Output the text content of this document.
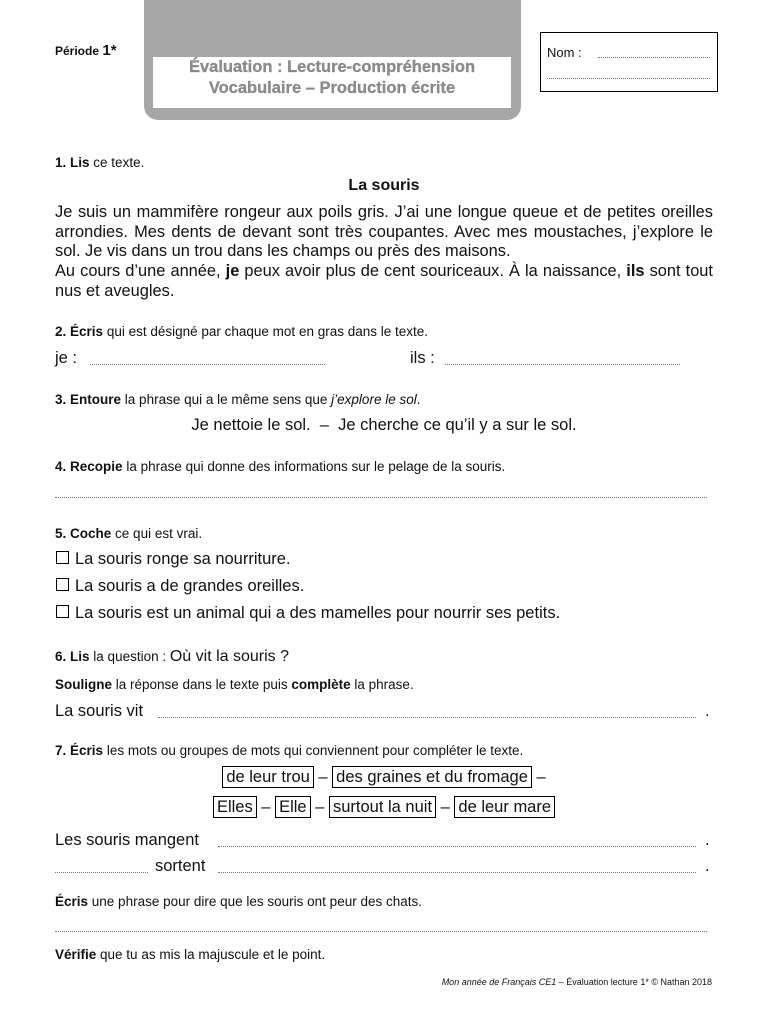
Période 1*
Évaluation : Lecture-compréhension
Vocabulaire – Production écrite
Nom :
1. Lis ce texte.
La souris
Je suis un mammifère rongeur aux poils gris. J’ai une longue queue et de petites oreilles arrondies. Mes dents de devant sont très coupantes. Avec mes moustaches, j’explore le sol. Je vis dans un trou dans les champs ou près des maisons.
Au cours d’une année, je peux avoir plus de cent souriceaux. À la naissance, ils sont tout nus et aveugles.
2. Écris qui est désigné par chaque mot en gras dans le texte.
je :	ils :
3. Entoure la phrase qui a le même sens que j’explore le sol.
Je nettoie le sol.  –  Je cherche ce qu’il y a sur le sol.
4. Recopie la phrase qui donne des informations sur le pelage de la souris.
5. Coche ce qui est vrai.
La souris ronge sa nourriture.
La souris a de grandes oreilles.
La souris est un animal qui a des mamelles pour nourrir ses petits.
6. Lis la question : Où vit la souris ?
Souligne la réponse dans le texte puis complète la phrase.
La souris vit	.
7. Écris les mots ou groupes de mots qui conviennent pour compléter le texte.
de leur trou – des graines et du fromage –
Elles – Elle – surtout la nuit – de leur mare
Les souris mangent	.
sortent	.
Écris une phrase pour dire que les souris ont peur des chats.
Vérifie que tu as mis la majuscule et le point.
Mon année de Français CE1 – Évaluation lecture 1* © Nathan 2018
